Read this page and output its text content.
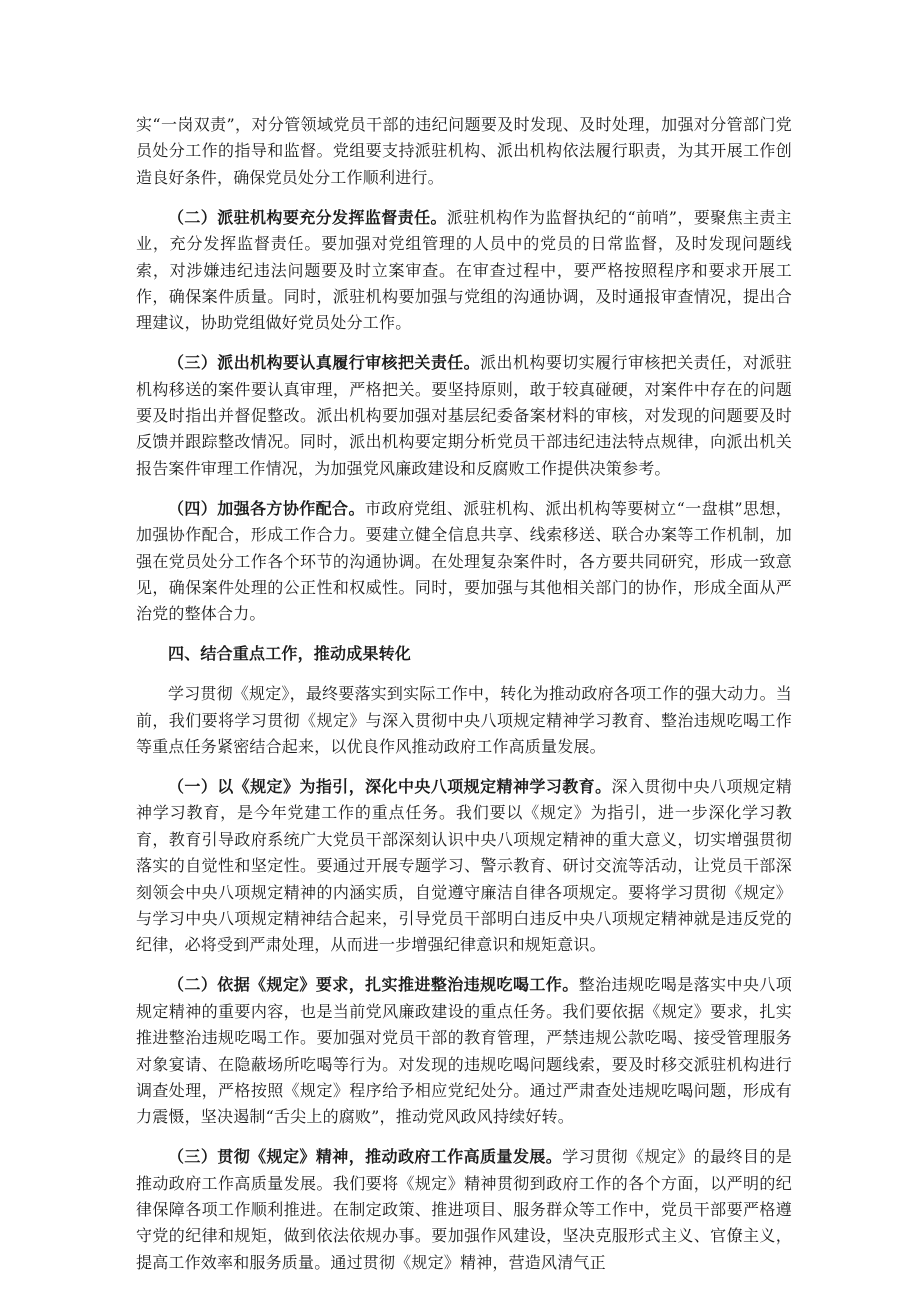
实“一岗双责”，对分管领域党员干部的违纪问题要及时发现、及时处理，加强对分管部门党员处分工作的指导和监督。党组要支持派驻机构、派出机构依法履行职责，为其开展工作创造良好条件，确保党员处分工作顺利进行。

（二）派驻机构要充分发挥监督责任。派驻机构作为监督执纪的“前哨”，要聚焦主责主业，充分发挥监督责任。要加强对党组管理的人员中的党员的日常监督，及时发现问题线索，对涉嫌违纪违法问题要及时立案审查。在审查过程中，要严格按照程序和要求开展工作，确保案件质量。同时，派驻机构要加强与党组的沟通协调，及时通报审查情况，提出合理建议，协助党组做好党员处分工作。

（三）派出机构要认真履行审核把关责任。派出机构要切实履行审核把关责任，对派驻机构移送的案件要认真审理，严格把关。要坚持原则，敢于较真碰硬，对案件中存在的问题要及时指出并督促整改。派出机构要加强对基层纪委备案材料的审核，对发现的问题要及时反馈并跟踪整改情况。同时，派出机构要定期分析党员干部违纪违法特点规律，向派出机关报告案件审理工作情况，为加强党风廉政建设和反腐败工作提供决策参考。

（四）加强各方协作配合。市政府党组、派驻机构、派出机构等要树立“一盘棋”思想，加强协作配合，形成工作合力。要建立健全信息共享、线索移送、联合办案等工作机制，加强在党员处分工作各个环节的沟通协调。在处理复杂案件时，各方要共同研究，形成一致意见，确保案件处理的公正性和权威性。同时，要加强与其他相关部门的协作，形成全面从严治党的整体合力。

四、结合重点工作，推动成果转化

学习贯彻《规定》，最终要落实到实际工作中，转化为推动政府各项工作的强大动力。当前，我们要将学习贯彻《规定》与深入贯彻中央八项规定精神学习教育、整治违规吃喝工作等重点任务紧密结合起来，以优良作风推动政府工作高质量发展。

（一）以《规定》为指引，深化中央八项规定精神学习教育。深入贯彻中央八项规定精神学习教育，是今年党建工作的重点任务。我们要以《规定》为指引，进一步深化学习教育，教育引导政府系统广大党员干部深刻认识中央八项规定精神的重大意义，切实增强贯彻落实的自觉性和坚定性。要通过开展专题学习、警示教育、研讨交流等活动，让党员干部深刻领会中央八项规定精神的内涵实质，自觉遵守廉洁自律各项规定。要将学习贯彻《规定》与学习中央八项规定精神结合起来，引导党员干部明白违反中央八项规定精神就是违反党的纪律，必将受到严肃处理，从而进一步增强纪律意识和规矩意识。

（二）依据《规定》要求，扎实推进整治违规吃喝工作。整治违规吃喝是落实中央八项规定精神的重要内容，也是当前党风廉政建设的重点任务。我们要依据《规定》要求，扎实推进整治违规吃喝工作。要加强对党员干部的教育管理，严禁违规公款吃喝、接受管理服务对象宴请、在隐蔽场所吃喝等行为。对发现的违规吃喝问题线索，要及时移交派驻机构进行调查处理，严格按照《规定》程序给予相应党纪处分。通过严肃查处违规吃喝问题，形成有力震慑，坚决遏制“舌尖上的腐败”，推动党风政风持续好转。

（三）贯彻《规定》精神，推动政府工作高质量发展。学习贯彻《规定》的最终目的是推动政府工作高质量发展。我们要将《规定》精神贯彻到政府工作的各个方面，以严明的纪律保障各项工作顺利推进。在制定政策、推进项目、服务群众等工作中，党员干部要严格遵守党的纪律和规矩，做到依法依规办事。要加强作风建设，坚决克服形式主义、官僚主义，提高工作效率和服务质量。通过贯彻《规定》精神，营造风清气正
